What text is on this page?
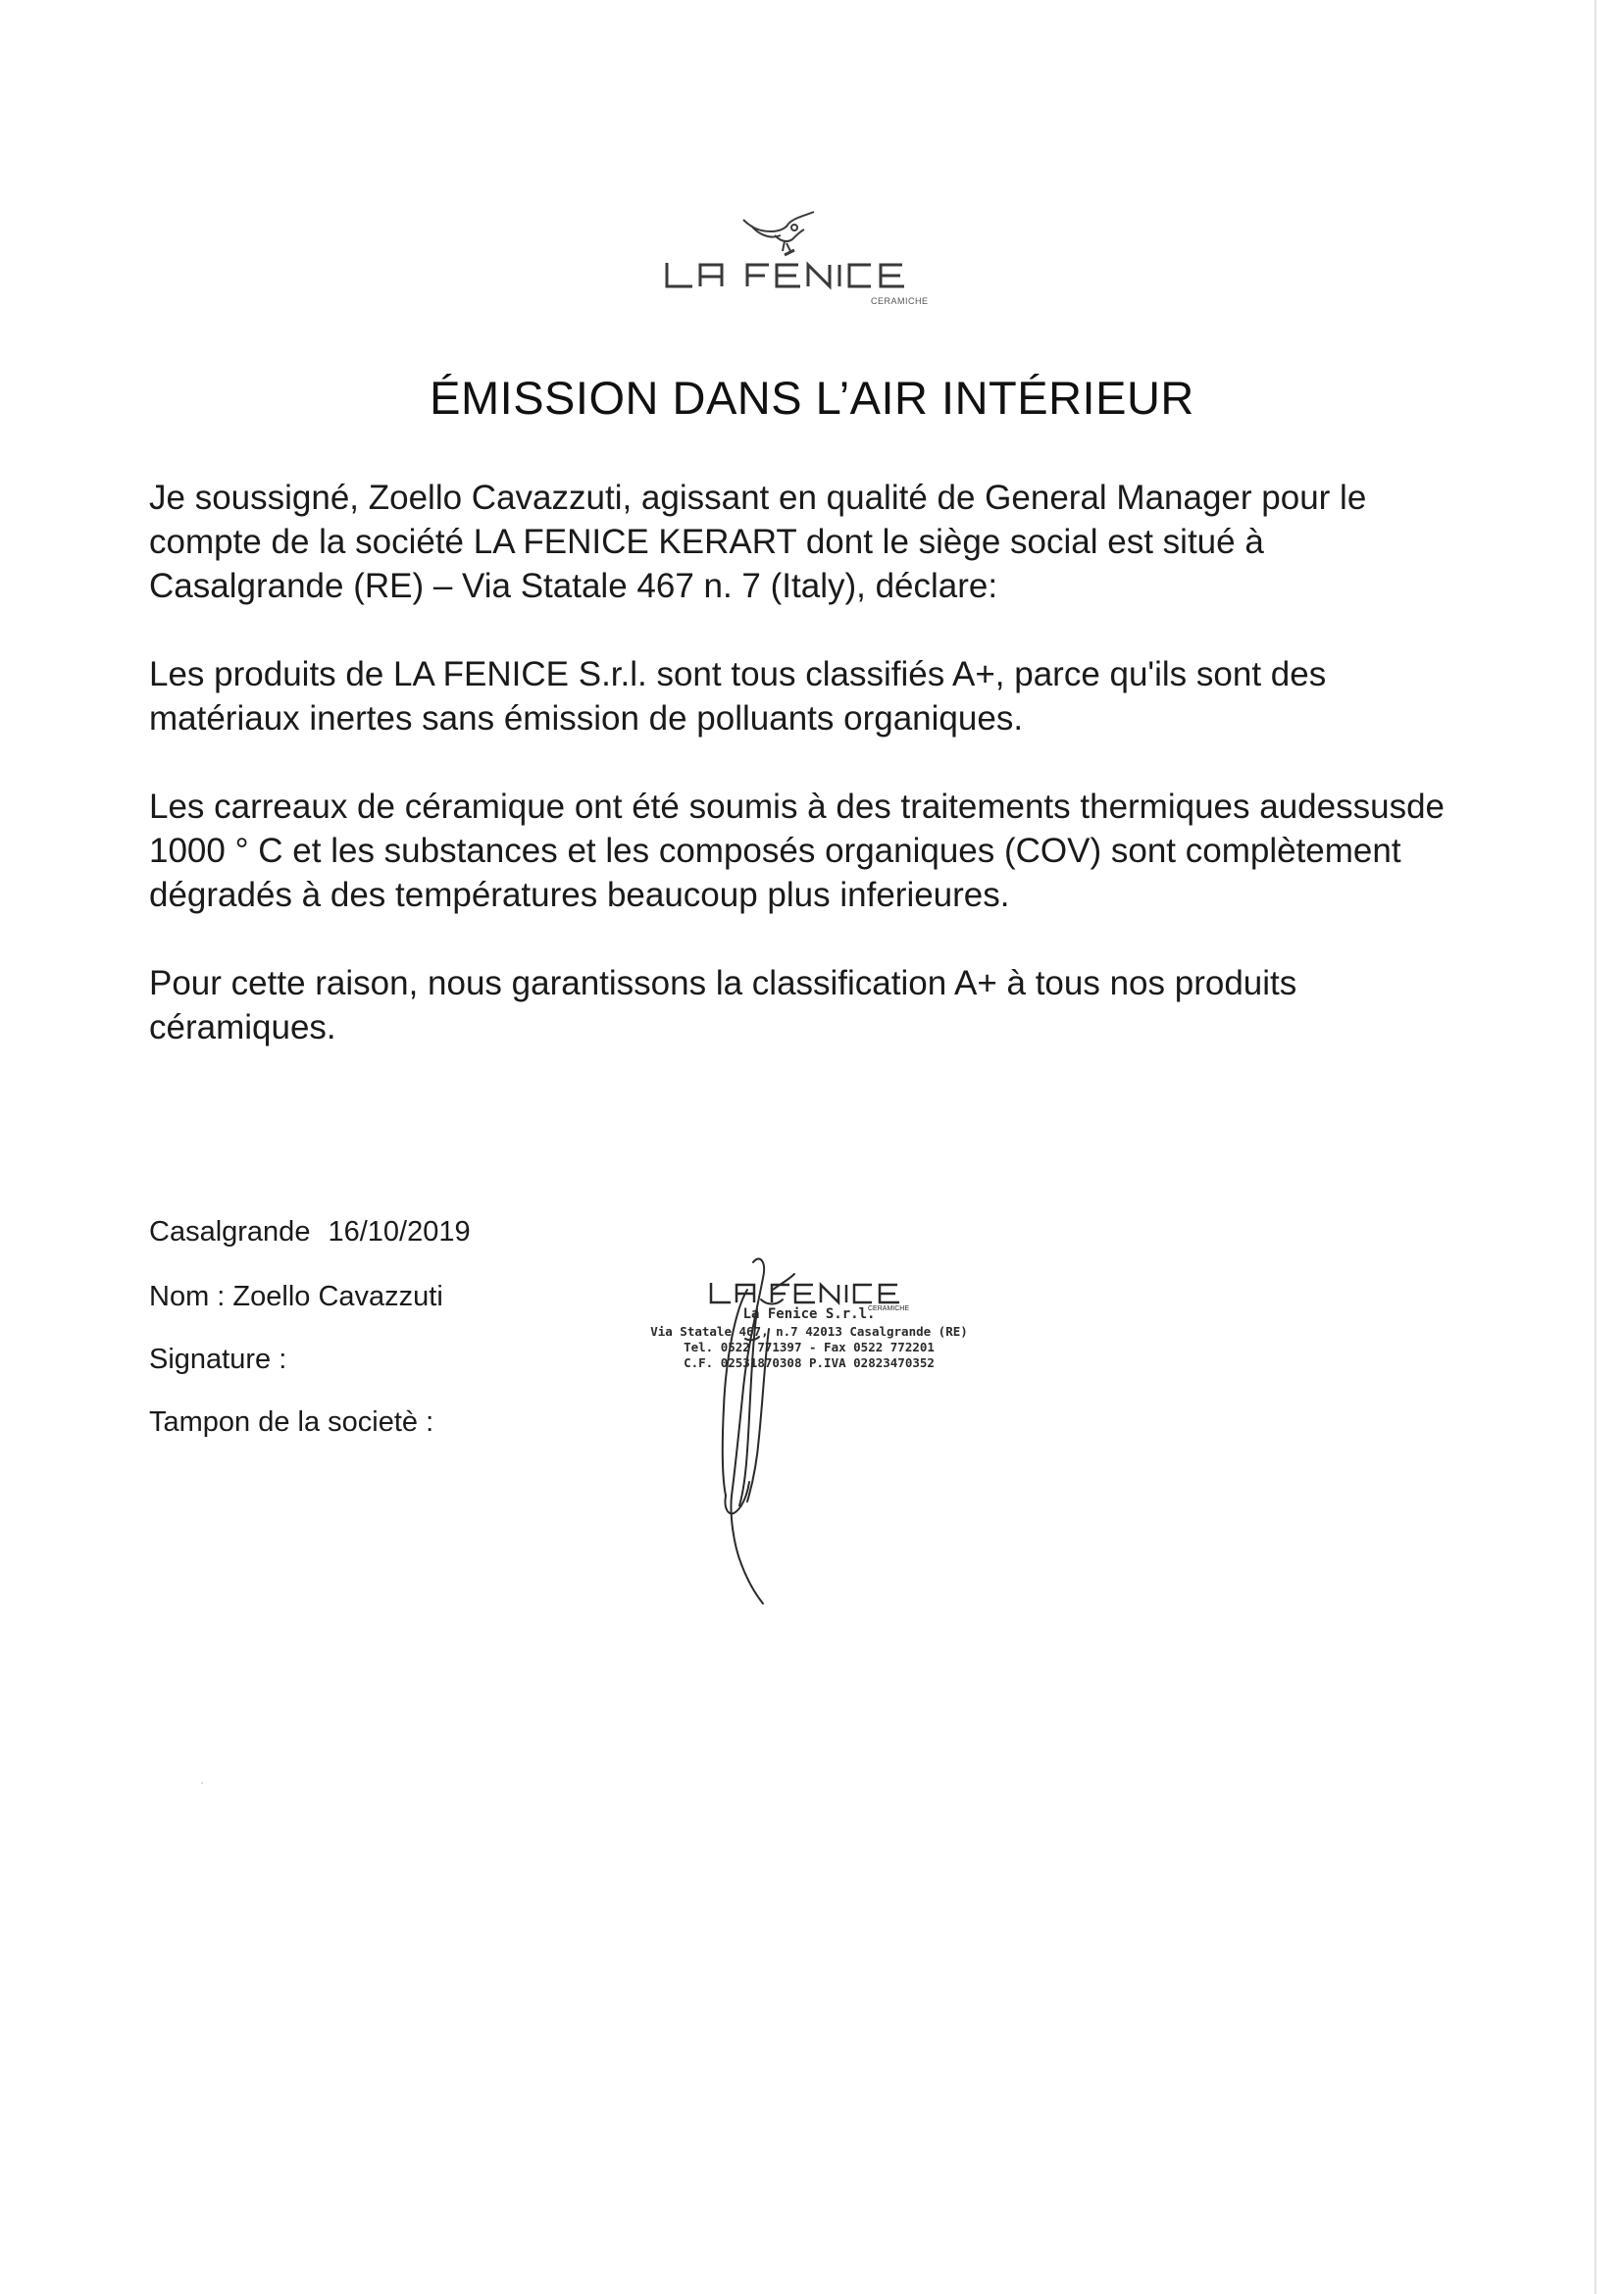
CERAMICHE
ÉMISSION DANS L’AIR INTÉRIEUR

Je soussigné, Zoello Cavazzuti, agissant en qualité de General Manager pour le compte de la société LA FENICE KERART dont le siège social est situé à Casalgrande (RE) – Via Statale 467 n. 7 (Italy), déclare:

Les produits de LA FENICE S.r.l. sont tous classifiés A+, parce qu'ils sont des matériaux inertes sans émission de polluants organiques.

Les carreaux de céramique ont été soumis à des traitements thermiques audessusde 1000 ° C et les substances et les composés organiques (COV) sont complètement dégradés à des températures beaucoup plus inferieures.

Pour cette raison, nous garantissons la classification A+ à tous nos produits céramiques.

Casalgrande 16/10/2019

Nom : Zoello Cavazzuti

Signature :

Tampon de la societè :

CERAMICHE
La Fenice S.r.l.
Via Statale 467, n.7 42013 Casalgrande (RE)
Tel. 0522 771397 - Fax 0522 772201
C.F. 02531870308 P.IVA 02823470352
